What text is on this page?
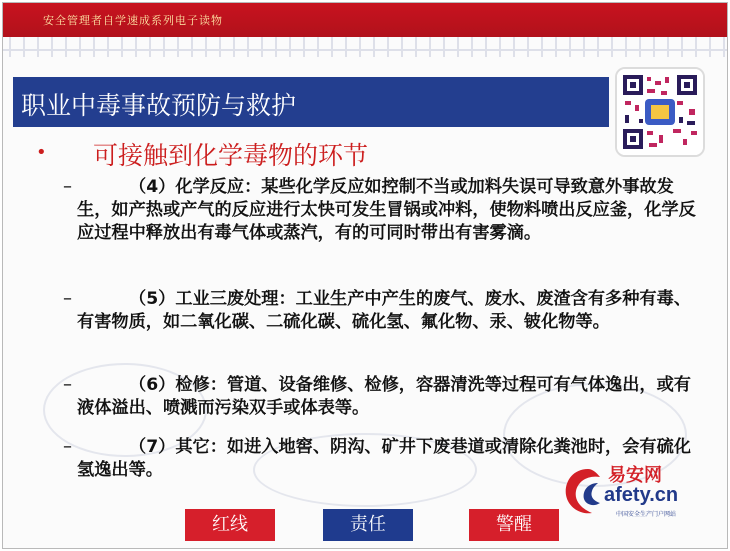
安全管理者自学速成系列电子读物
职业中毒事故预防与救护
• 可接触到化学毒物的环节
–	（4）化学反应：某些化学反应如控制不当或加料失误可导致意外事故发生，如产热或产气的反应进行太快可发生冒锅或冲料，使物料喷出反应釜，化学反应过程中释放出有毒气体或蒸汽，有的可同时带出有害雾滴。

–	（5）工业三废处理：工业生产中产生的废气、废水、废渣含有多种有毒、有害物质，如二氧化碳、二硫化碳、硫化氢、氟化物、汞、铍化物等。

–	（6）检修：管道、设备维修、检修，容器清洗等过程可有气体逸出，或有液体溢出、喷溅而污染双手或体表等。

–	（7）其它：如进入地窖、阴沟、矿井下废巷道或清除化粪池时，会有硫化氢逸出等。	易安网
afety.cn
中国安全生产门户网站
红线	责任	警醒
